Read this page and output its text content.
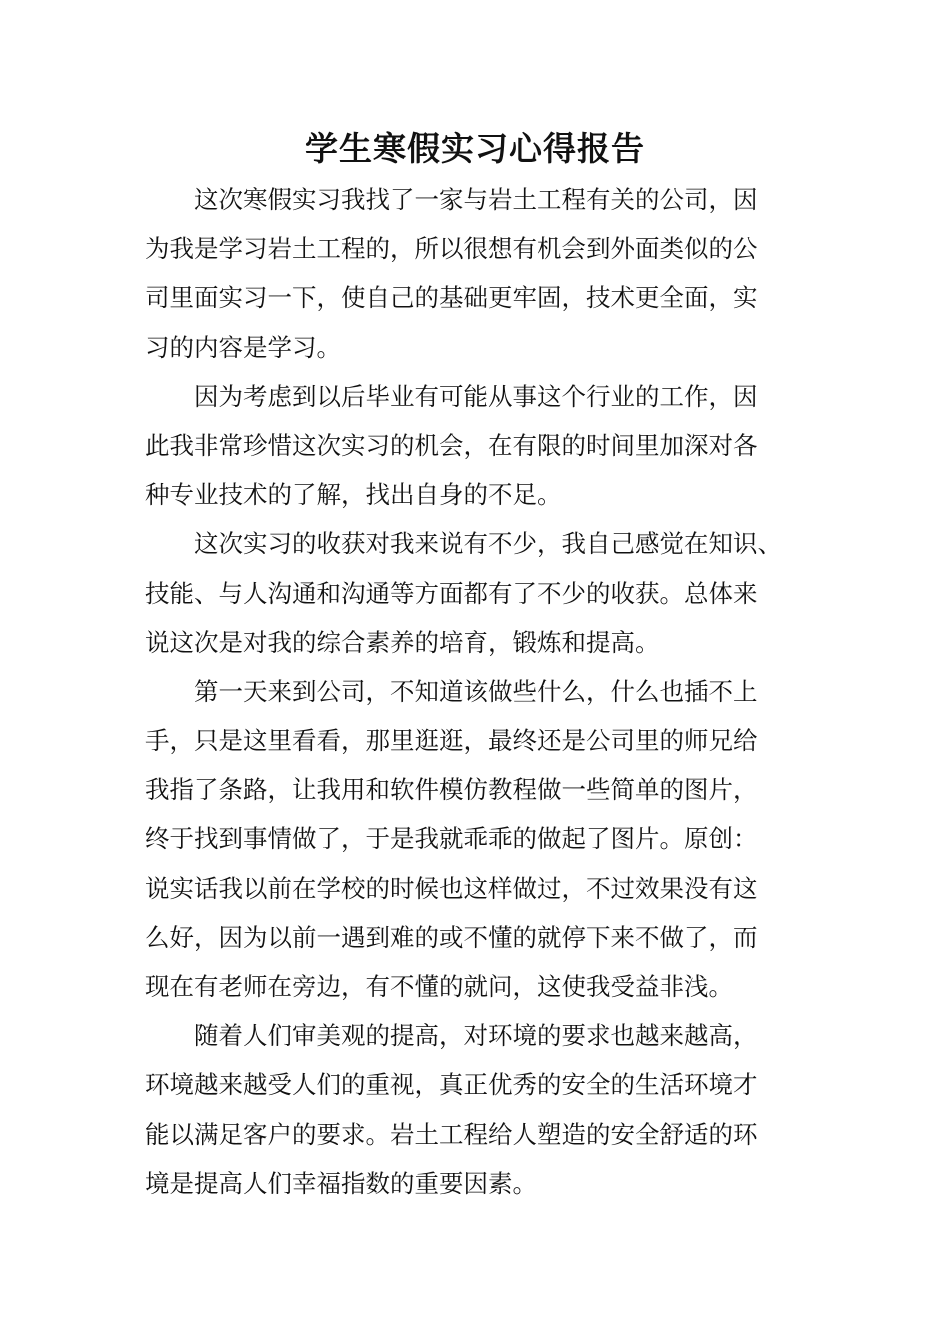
学生寒假实习心得报告
这次寒假实习我找了一家与岩土工程有关的公司，因
为我是学习岩土工程的，所以很想有机会到外面类似的公
司里面实习一下，使自己的基础更牢固，技术更全面，实
习的内容是学习。
因为考虑到以后毕业有可能从事这个行业的工作，因
此我非常珍惜这次实习的机会，在有限的时间里加深对各
种专业技术的了解，找出自身的不足。
这次实习的收获对我来说有不少，我自己感觉在知识、
技能、与人沟通和沟通等方面都有了不少的收获。总体来
说这次是对我的综合素养的培育，锻炼和提高。
第一天来到公司，不知道该做些什么，什么也插不上
手，只是这里看看，那里逛逛，最终还是公司里的师兄给
我指了条路，让我用和软件模仿教程做一些简单的图片，
终于找到事情做了，于是我就乖乖的做起了图片。原创：
说实话我以前在学校的时候也这样做过，不过效果没有这
么好，因为以前一遇到难的或不懂的就停下来不做了，而
现在有老师在旁边，有不懂的就问，这使我受益非浅。
随着人们审美观的提高，对环境的要求也越来越高，
环境越来越受人们的重视，真正优秀的安全的生活环境才
能以满足客户的要求。岩土工程给人塑造的安全舒适的环
境是提高人们幸福指数的重要因素。
